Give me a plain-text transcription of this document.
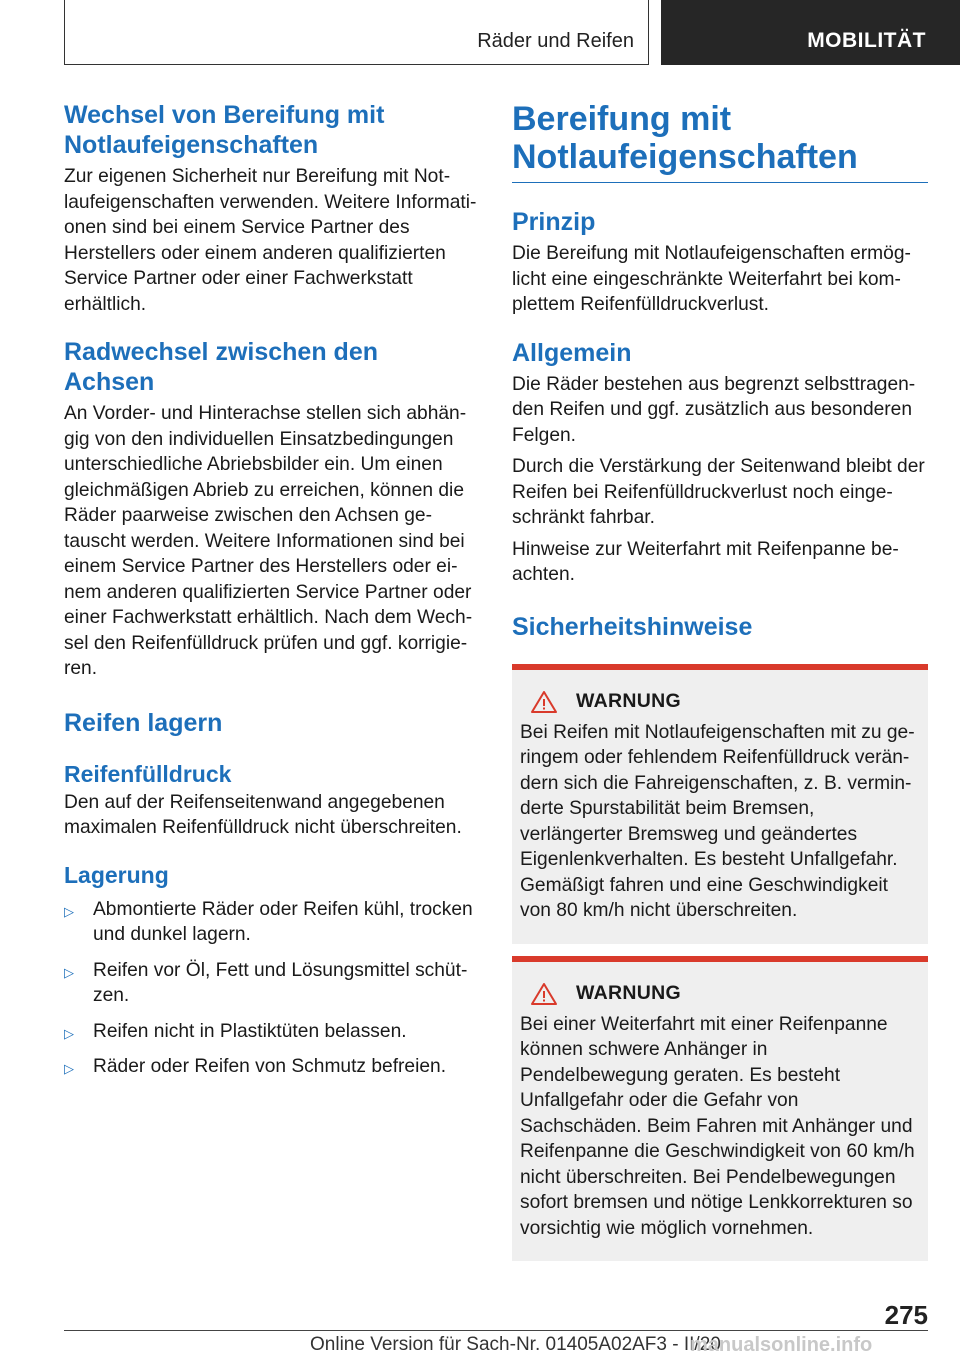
Räder und Reifen	MOBILITÄT
Wechsel von Bereifung mit
Notlaufeigenschaften

Zur eigenen Sicherheit nur Bereifung mit Notlaufeigenschaften verwenden. Weitere Informationen sind bei einem Service Partner des Herstellers oder einem anderen qualifizierten Service Partner oder einer Fachwerkstatt erhältlich.

Radwechsel zwischen den
Achsen

An Vorder- und Hinterachse stellen sich abhängig von den individuellen Einsatzbedingungen unterschiedliche Abriebsbilder ein. Um einen gleichmäßigen Abrieb zu erreichen, können die Räder paarweise zwischen den Achsen getauscht werden. Weitere Informationen sind bei einem Service Partner des Herstellers oder einem anderen qualifizierten Service Partner oder einer Fachwerkstatt erhältlich. Nach dem Wechsel den Reifenfülldruck prüfen und ggf. korrigieren.

Reifen lagern
Reifenfülldruck

Den auf der Reifenseitenwand angegebenen maximalen Reifenfülldruck nicht überschreiten.

Lagerung
▷ Abmontierte Räder oder Reifen kühl, trocken und dunkel lagern.
▷ Reifen vor Öl, Fett und Lösungsmittel schützen.
▷ Reifen nicht in Plastiktüten belassen.
▷ Räder oder Reifen von Schmutz befreien.
Bereifung mit
Notlaufeigenschaften
Prinzip

Die Bereifung mit Notlaufeigenschaften ermöglicht eine eingeschränkte Weiterfahrt bei komplettem Reifenfülldruckverlust.

Allgemein

Die Räder bestehen aus begrenzt selbsttragenden Reifen und ggf. zusätzlich aus besonderen Felgen.

Durch die Verstärkung der Seitenwand bleibt der Reifen bei Reifenfülldruckverlust noch eingeschränkt fahrbar.

Hinweise zur Weiterfahrt mit Reifenpanne beachten.

Sicherheitshinweise
WARNUNG

Bei Reifen mit Notlaufeigenschaften mit zu geringem oder fehlendem Reifenfülldruck verändern sich die Fahreigenschaften, z. B. verminderte Spurstabilität beim Bremsen, verlängerter Bremsweg und geändertes Eigenlenkverhalten. Es besteht Unfallgefahr. Gemäßigt fahren und eine Geschwindigkeit von 80 km/h nicht überschreiten.

WARNUNG

Bei einer Weiterfahrt mit einer Reifenpanne können schwere Anhänger in Pendelbewegung geraten. Es besteht Unfallgefahr oder die Gefahr von Sachschäden. Beim Fahren mit Anhänger und Reifenpanne die Geschwindigkeit von 60 km/h nicht überschreiten. Bei Pendelbewegungen sofort bremsen und nötige Lenkkorrekturen so vorsichtig wie möglich vornehmen.

275
Online Version für Sach-Nr. 01405A02AF3 - II/20
manualsonline.info
